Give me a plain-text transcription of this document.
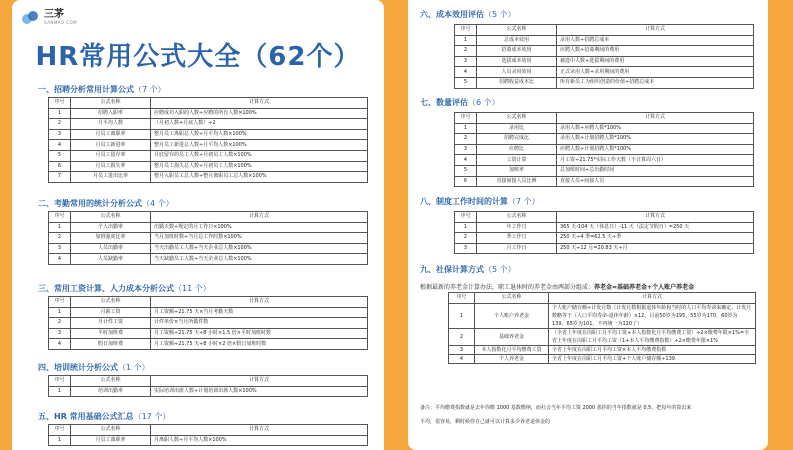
三茅
SANMAO.COM
HR常用公式大全（62个）
一、招聘分析常用计算公式（7 个）
序号	公式名称	计算方式
1	招聘入职率	应聘成功入职的人数÷应聘的所有人数×100%
2	月平均人数	（月初人数+月底人数）÷2
3	月员工离职率	整月员工离职总人数÷月平均人数×100%
4	月员工新进率	整月员工新进总人数÷月平均人数×100%
5	月员工留存率	月底留存的员工人数÷月初员工人数×100%
6	月员工损失率	整月员工损失总人数÷月初员工人数×100%
7	月员工进出比率	整月入职员工总人数÷整月离职员工总人数×100%
二、考勤常用的统计分析公式（4 个）
序号	公式名称	计算方式
1	个人出勤率	出勤天数÷规定的月工作日×100%
2	加班强度比率	当月加班时数÷当月总工作时数×100%
3	人员出勤率	当天出勤员工人数÷当天企业总人数×100%
4	人员缺勤率	当天缺勤员工人数÷当天企业总人数×100%
三、常用工资计算、人力成本分析公式（11 个）
序号	公式名称	计算方式
1	月薪工资	月工资额÷21.75 天×当月考勤天数
2	月计件工资	计件单价×当月所做件数
3	平时加班费	月工资额÷21.75 天÷8 小时×1.5 倍×平时加班时数
4	假日加班费	月工资额÷21.75 天÷8 小时×2 倍×假日加班时数
四、培训统计分析公式（1 个）
序号	公式名称	计算方式
1	培训出勤率	实际培训出席人数÷计划培训出席人数×100%
五、HR 常用基础公式汇总（17 个）
序号	公式名称	计算方式
1	月员工离职率	月离职人数÷月平均人数×100%
六、成本效用评估（5 个）
序号	公式名称	计算方式
1	总成本效用	录用人数÷招聘总成本
2	招募成本效用	应聘人数÷招募期间的费用
3	选拔成本效用	被选中人数÷选拔期间的费用
4	人员录用效用	正式录用人数÷录用期间的费用
5	招聘收益成本比	所有新员工为组织创造的价值÷招聘总成本
七、数量评估（6 个）
序号	公式名称	计算方式
1	录用比	录用人数÷应聘人数*100%
2	招聘完成比	录用人数÷计划招聘人数*100%
3	应聘比	应聘人数÷计划招聘人数*100%
4	工资计算	月工资÷21.75*实际工作天数（不计算周六日）
5	加班率	总加班时间÷总出勤时间
6	直接间接人员比例	直接人员÷间接人员
八、制度工作时间的计算（7 个）
序号	公式名称	计算方式
1	年工作日	365 天-104 天（休息日）-11 天（法定节假日）=250 天
2	季工作日	250 天÷4 季=62.5 天÷季
3	月工作日	250 天÷12 月=20.83 天÷月
九、社保计算方式（5 个）
根据最新的养老金计算办法，职工退休时的养老金由两部分组成：养老金=基础养老金+个人账户养老金
序号	公式名称	计算方式
1	个人账户养老金	个人账户储存额÷计发月数（计发月数根据退休年龄和当时的人口平均寿命来确定。计发月数略等于（人口平均寿命-退休年龄）×12。目前50岁为195，55岁为170，60岁为139，65岁为101。不再统一为120了）
2	基础养老金	（全省上年度在岗职工月平均工资+本人指数化月平均缴费工资）÷2×缴费年限×1%=全省上年度在岗职工月平均工资（1+本人平均缴费指数）÷2×缴费年限×1%
3	本人指数化月平均缴费工资	全省上年度在岗职工月平均工资×本人平均缴费指数
4	个人养老金	全省上年度在岗职工月平均工资+个人账户储存额÷139
备注：平均缴费指数就是去年你缴 1000 基数缴纳，而社会当年平均工资 2000 那你的当年指数就是 0.5，把每年的算出来
平均，很容易，剩时候你自己就可以计算多少养老退休金的
